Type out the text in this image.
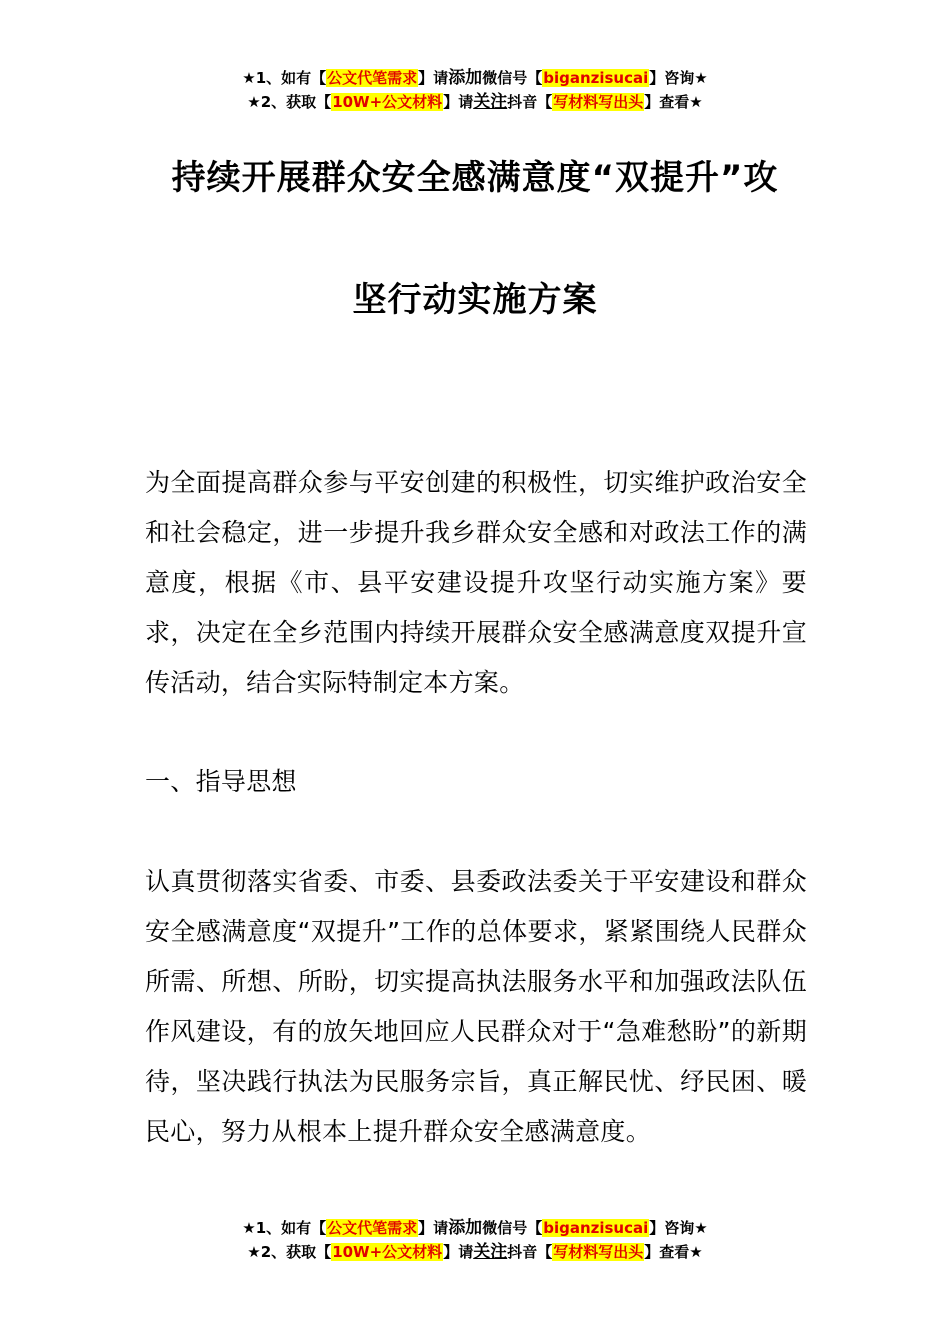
★1、如有【公文代笔需求】请添加微信号【biganzisucai】咨询★
★2、获取【10W+公文材料】请关注抖音【写材料写出头】查看★
持续开展群众安全感满意度“双提升”攻
坚行动实施方案
为全面提高群众参与平安创建的积极性，切实维护政治安全和社会稳定，进一步提升我乡群众安全感和对政法工作的满意度，根据《市、县平安建设提升攻坚行动实施方案》要求，决定在全乡范围内持续开展群众安全感满意度双提升宣传活动，结合实际特制定本方案。
一、指导思想
认真贯彻落实省委、市委、县委政法委关于平安建设和群众安全感满意度“双提升”工作的总体要求，紧紧围绕人民群众所需、所想、所盼，切实提高执法服务水平和加强政法队伍作风建设，有的放矢地回应人民群众对于“急难愁盼”的新期待，坚决践行执法为民服务宗旨，真正解民忧、纾民困、暖民心，努力从根本上提升群众安全感满意度。
★1、如有【公文代笔需求】请添加微信号【biganzisucai】咨询★
★2、获取【10W+公文材料】请关注抖音【写材料写出头】查看★
